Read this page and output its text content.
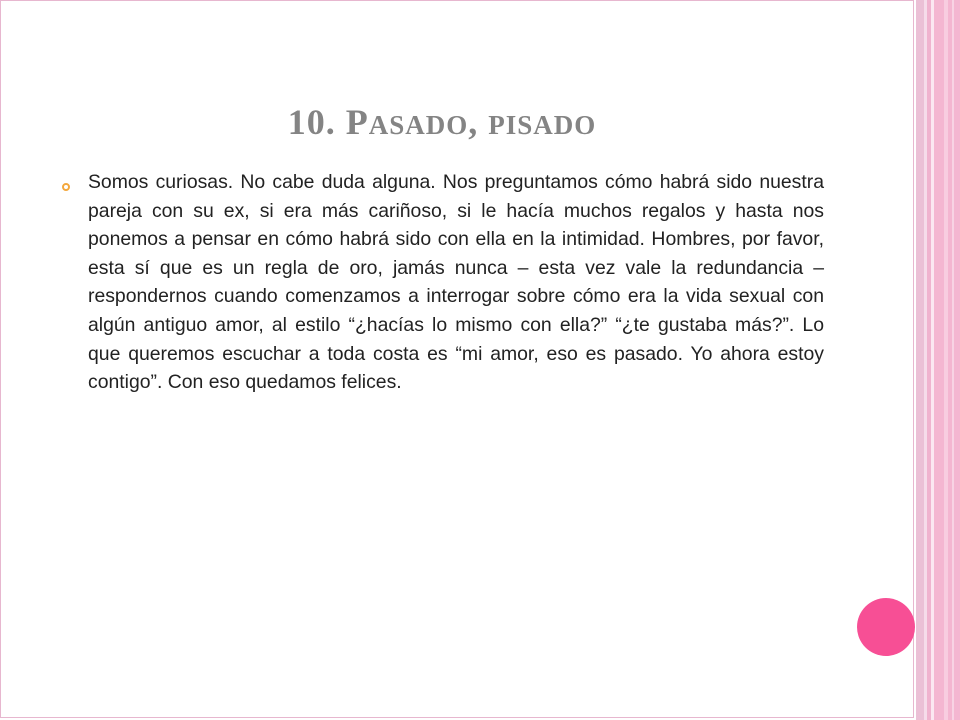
10. PASADO, PISADO

Somos curiosas. No cabe duda alguna. Nos preguntamos cómo habrá sido nuestra pareja con su ex, si era más cariñoso, si le hacía muchos regalos y hasta nos ponemos a pensar en cómo habrá sido con ella en la intimidad. Hombres, por favor, esta sí que es un regla de oro, jamás nunca – esta vez vale la redundancia – respondernos cuando comenzamos a interrogar sobre cómo era la vida sexual con algún antiguo amor, al estilo “¿hacías lo mismo con ella?” “¿te gustaba más?”. Lo que queremos escuchar a toda costa es “mi amor, eso es pasado. Yo ahora estoy contigo”. Con eso quedamos felices.
